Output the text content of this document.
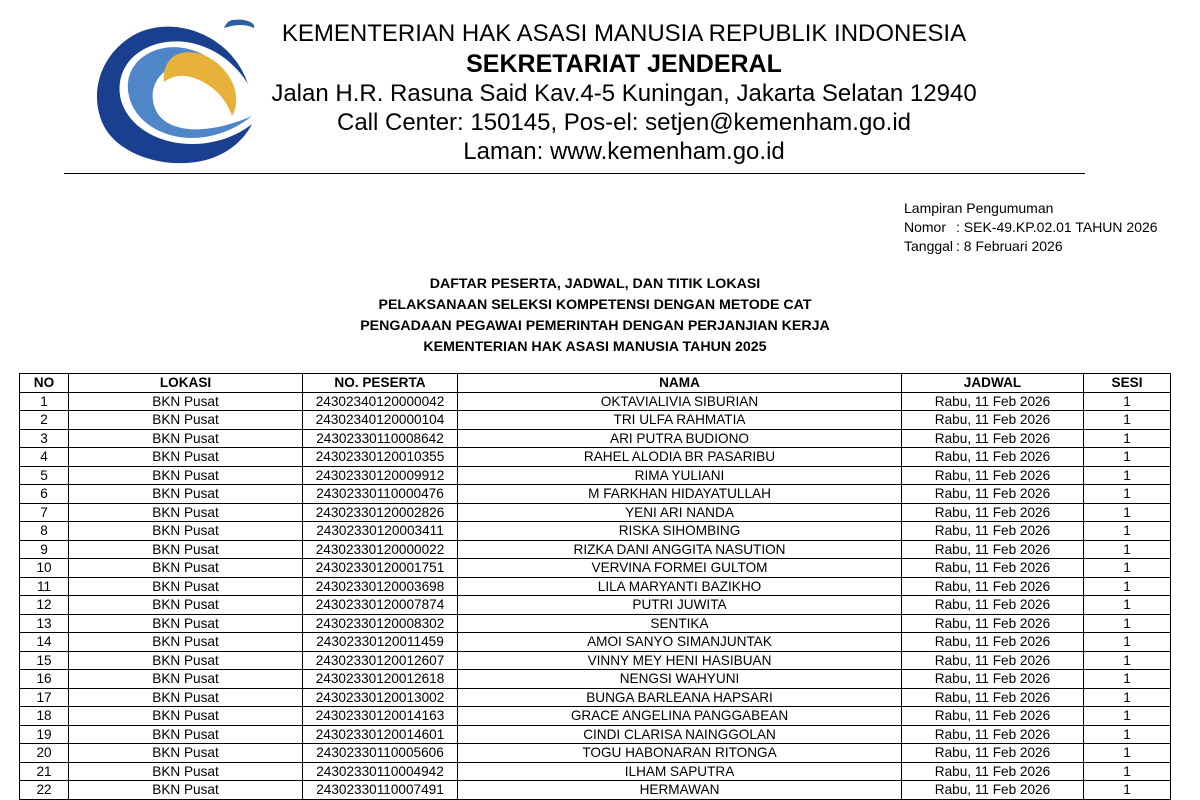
KEMENTERIAN HAK ASASI MANUSIA REPUBLIK INDONESIA
SEKRETARIAT JENDERAL
Jalan H.R. Rasuna Said Kav.4-5 Kuningan, Jakarta Selatan 12940
Call Center: 150145, Pos-el: setjen@kemenham.go.id
Laman: www.kemenham.go.id
Lampiran Pengumuman
Nomor : SEK-49.KP.02.01 TAHUN 2026
Tanggal : 8 Februari 2026
DAFTAR PESERTA, JADWAL, DAN TITIK LOKASI
PELAKSANAAN SELEKSI KOMPETENSI DENGAN METODE CAT
PENGADAAN PEGAWAI PEMERINTAH DENGAN PERJANJIAN KERJA
KEMENTERIAN HAK ASASI MANUSIA TAHUN 2025
NO	LOKASI	NO. PESERTA	NAMA	JADWAL	SESI
1	BKN Pusat	24302340120000042	OKTAVIALIVIA SIBURIAN	Rabu, 11 Feb 2026	1
2	BKN Pusat	24302340120000104	TRI ULFA RAHMATIA	Rabu, 11 Feb 2026	1
3	BKN Pusat	24302330110008642	ARI PUTRA BUDIONO	Rabu, 11 Feb 2026	1
4	BKN Pusat	24302330120010355	RAHEL ALODIA BR PASARIBU	Rabu, 11 Feb 2026	1
5	BKN Pusat	24302330120009912	RIMA YULIANI	Rabu, 11 Feb 2026	1
6	BKN Pusat	24302330110000476	M FARKHAN HIDAYATULLAH	Rabu, 11 Feb 2026	1
7	BKN Pusat	24302330120002826	YENI ARI NANDA	Rabu, 11 Feb 2026	1
8	BKN Pusat	24302330120003411	RISKA SIHOMBING	Rabu, 11 Feb 2026	1
9	BKN Pusat	24302330120000022	RIZKA DANI ANGGITA NASUTION	Rabu, 11 Feb 2026	1
10	BKN Pusat	24302330120001751	VERVINA FORMEI GULTOM	Rabu, 11 Feb 2026	1
11	BKN Pusat	24302330120003698	LILA MARYANTI BAZIKHO	Rabu, 11 Feb 2026	1
12	BKN Pusat	24302330120007874	PUTRI JUWITA	Rabu, 11 Feb 2026	1
13	BKN Pusat	24302330120008302	SENTIKA	Rabu, 11 Feb 2026	1
14	BKN Pusat	24302330120011459	AMOI SANYO SIMANJUNTAK	Rabu, 11 Feb 2026	1
15	BKN Pusat	24302330120012607	VINNY MEY HENI HASIBUAN	Rabu, 11 Feb 2026	1
16	BKN Pusat	24302330120012618	NENGSI WAHYUNI	Rabu, 11 Feb 2026	1
17	BKN Pusat	24302330120013002	BUNGA BARLEANA HAPSARI	Rabu, 11 Feb 2026	1
18	BKN Pusat	24302330120014163	GRACE ANGELINA PANGGABEAN	Rabu, 11 Feb 2026	1
19	BKN Pusat	24302330120014601	CINDI CLARISA NAINGGOLAN	Rabu, 11 Feb 2026	1
20	BKN Pusat	24302330110005606	TOGU HABONARAN RITONGA	Rabu, 11 Feb 2026	1
21	BKN Pusat	24302330110004942	ILHAM SAPUTRA	Rabu, 11 Feb 2026	1
22	BKN Pusat	24302330110007491	HERMAWAN	Rabu, 11 Feb 2026	1
